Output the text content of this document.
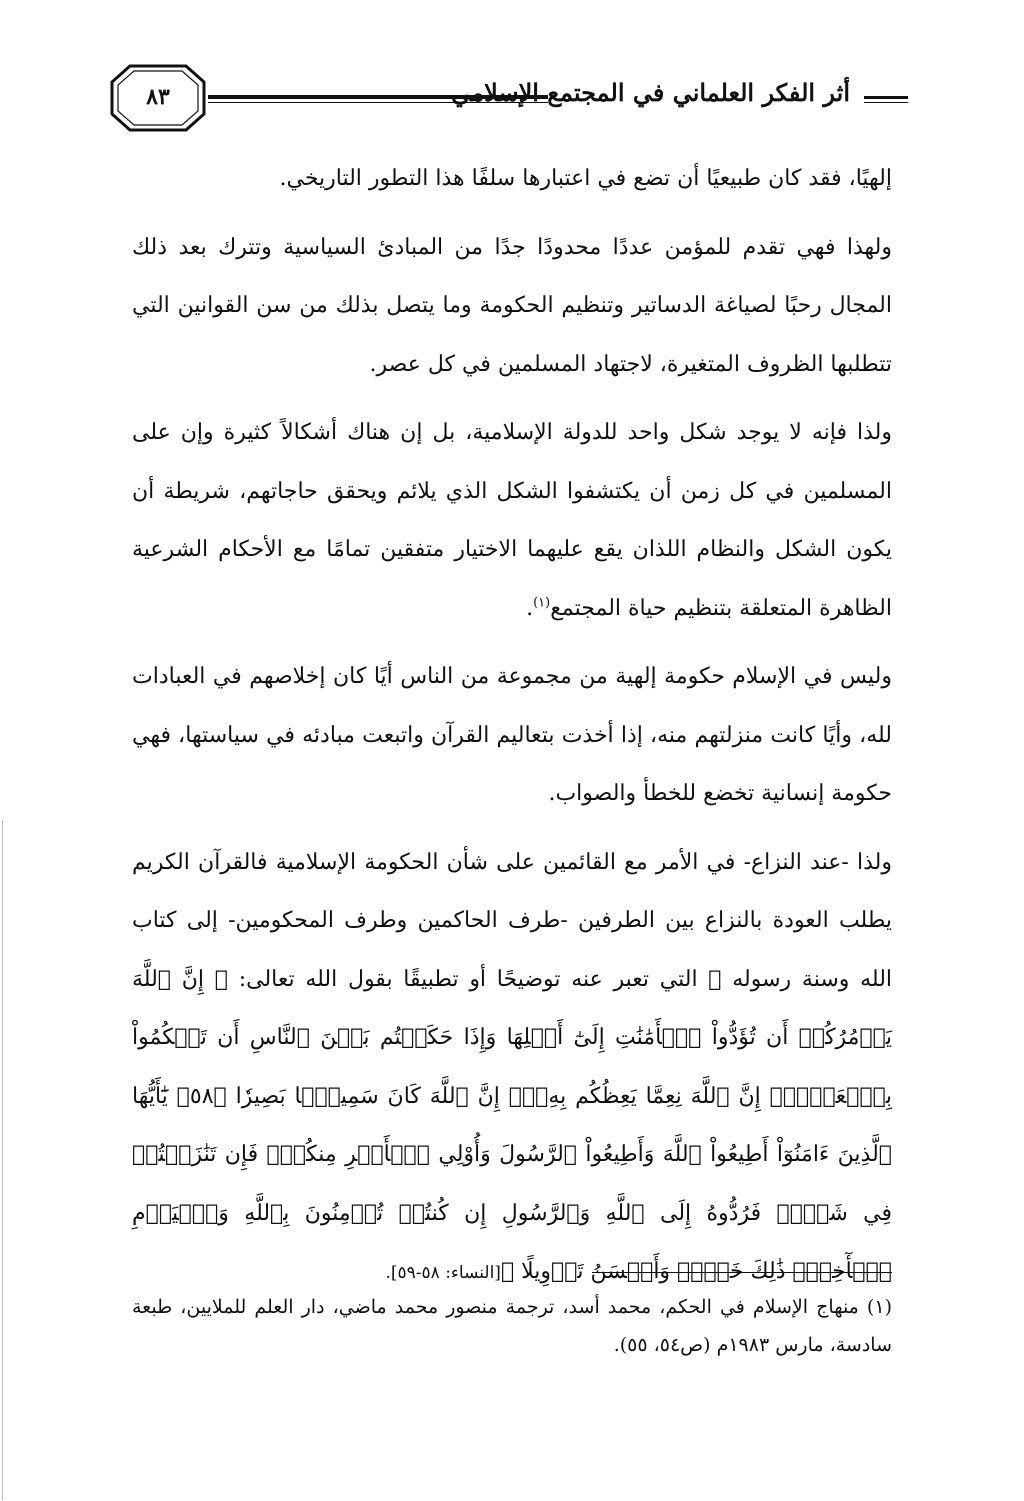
أثر الفكر العلماني في المجتمع الإسلامي
٨٣

إلهيًا، فقد كان طبيعيًا أن تضع في اعتبارها سلفًا هذا التطور التاريخي.

ولهذا فهي تقدم للمؤمن عددًا محدودًا جدًا من المبادئ السياسية وتترك بعد ذلك المجال رحبًا لصياغة الدساتير وتنظيم الحكومة وما يتصل بذلك من سن القوانين التي تتطلبها الظروف المتغيرة، لاجتهاد المسلمين في كل عصر.

ولذا فإنه لا يوجد شكل واحد للدولة الإسلامية، بل إن هناك أشكالاً كثيرة وإن على المسلمين في كل زمن أن يكتشفوا الشكل الذي يلائم ويحقق حاجاتهم، شريطة أن يكون الشكل والنظام اللذان يقع عليهما الاختيار متفقين تمامًا مع الأحكام الشرعية الظاهرة المتعلقة بتنظيم حياة المجتمع$^{(١)}$.

وليس في الإسلام حكومة إلهية من مجموعة من الناس أيًا كان إخلاصهم في العبادات لله، وأيًا كانت منزلتهم منه، إذا أخذت بتعاليم القرآن واتبعت مبادئه في سياستها، فهي حكومة إنسانية تخضع للخطأ والصواب.

ولذا -عند النزاع- في الأمر مع القائمين على شأن الحكومة الإسلامية فالقرآن الكريم يطلب العودة بالنزاع بين الطرفين -طرف الحاكمين وطرف المحكومين- إلى كتاب الله وسنة رسوله ﷺ التي تعبر عنه توضيحًا أو تطبيقًا بقول الله تعالى: ﴿ إِنَّ ٱللَّهَ يَأۡمُرُكُمۡ أَن تُؤَدُّواْ ٱلۡأَمَٰنَٰتِ إِلَىٰٓ أَهۡلِهَا وَإِذَا حَكَمۡتُم بَيۡنَ ٱلنَّاسِ أَن تَحۡكُمُواْ بِٱلۡعَدۡلِۚ إِنَّ ٱللَّهَ نِعِمَّا يَعِظُكُم بِهِۦٓۗ إِنَّ ٱللَّهَ كَانَ سَمِيعَۢا بَصِيرٗا ﴿٥٨﴾ يَٰٓأَيُّهَا ٱلَّذِينَ ءَامَنُوٓاْ أَطِيعُواْ ٱللَّهَ وَأَطِيعُواْ ٱلرَّسُولَ وَأُوْلِي ٱلۡأَمۡرِ مِنكُمۡۖ فَإِن تَنَٰزَعۡتُمۡ فِي شَيۡءٖ فَرُدُّوهُ إِلَى ٱللَّهِ وَٱلرَّسُولِ إِن كُنتُمۡ تُؤۡمِنُونَ بِٱللَّهِ وَٱلۡيَوۡمِ ٱلۡأٓخِرِۚ ذَٰلِكَ خَيۡرٞ وَأَحۡسَنُ تَأۡوِيلًا ﴾[النساء: ٥٨-٥٩].

(١) منهاج الإسلام في الحكم، محمد أسد، ترجمة منصور محمد ماضي، دار العلم للملايين، طبعة سادسة، مارس ١٩٨٣م (ص٥٤، ٥٥).
